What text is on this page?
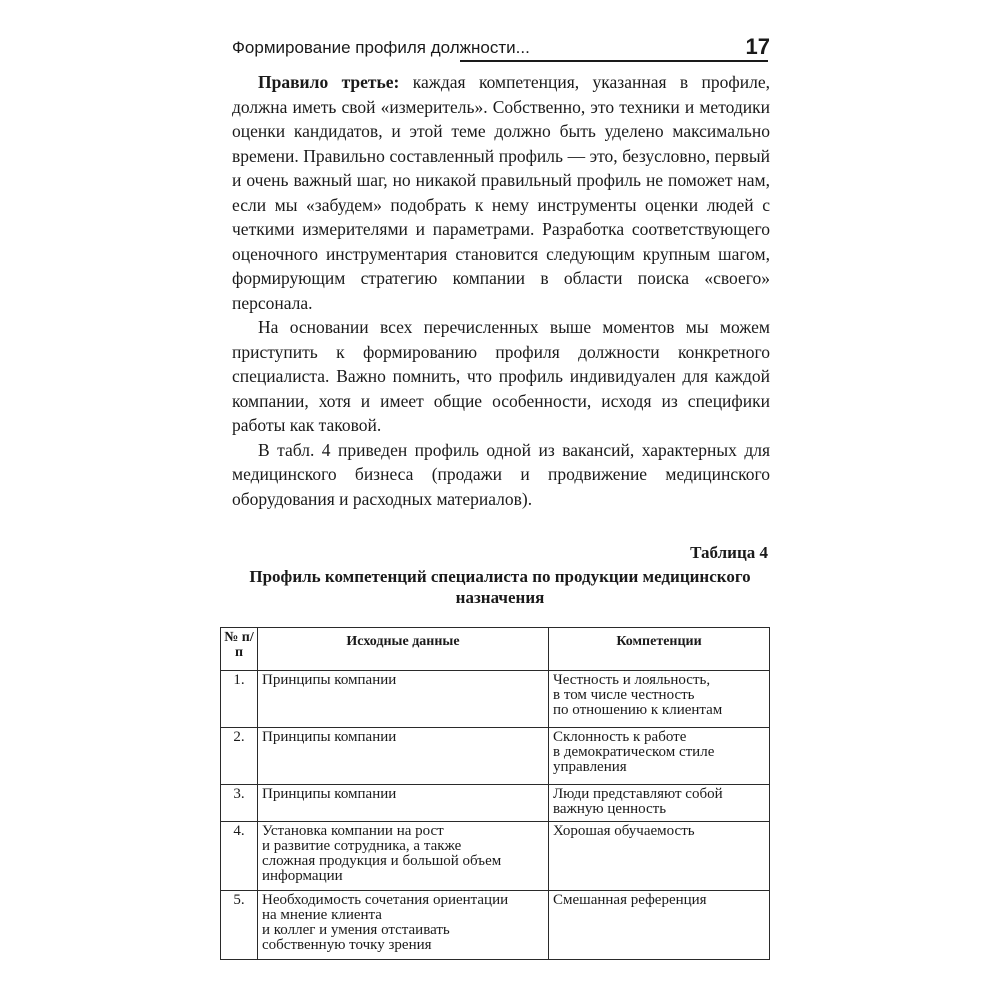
Формирование профиля должности...	17

Правило третье: каждая компетенция, указанная в профиле, должна иметь свой «измеритель». Собственно, это техники и методики оценки кандидатов, и этой теме должно быть уделено максимально времени. Правильно составленный профиль — это, безусловно, первый и очень важный шаг, но никакой правильный профиль не поможет нам, если мы «забудем» подобрать к нему инструменты оценки людей с четкими измерителями и параметрами. Разработка соответствующего оценочного инструментария становится следующим крупным шагом, формирующим стратегию компании в области поиска «своего» персонала.

На основании всех перечисленных выше моментов мы можем приступить к формированию профиля должности конкретного специалиста. Важно помнить, что профиль индивидуален для каждой компании, хотя и имеет общие особенности, исходя из специфики работы как таковой.

В табл. 4 приведен профиль одной из вакансий, характерных для медицинского бизнеса (продажи и продвижение медицинского оборудования и расходных материалов).

Таблица 4
Профиль компетенций специалиста по продукции медицинского назначения
№ п/п	Исходные данные	Компетенции
1.	Принципы компании	Честность и лояльность,
в том числе честность
по отношению к клиентам
2.	Принципы компании	Склонность к работе
в демократическом стиле
управления
3.	Принципы компании	Люди представляют собой
важную ценность
4.	Установка компании на рост
и развитие сотрудника, а также
сложная продукция и большой объем
информации	Хорошая обучаемость
5.	Необходимость сочетания ориентации
на мнение клиента
и коллег и умения отстаивать
собственную точку зрения	Смешанная референция
